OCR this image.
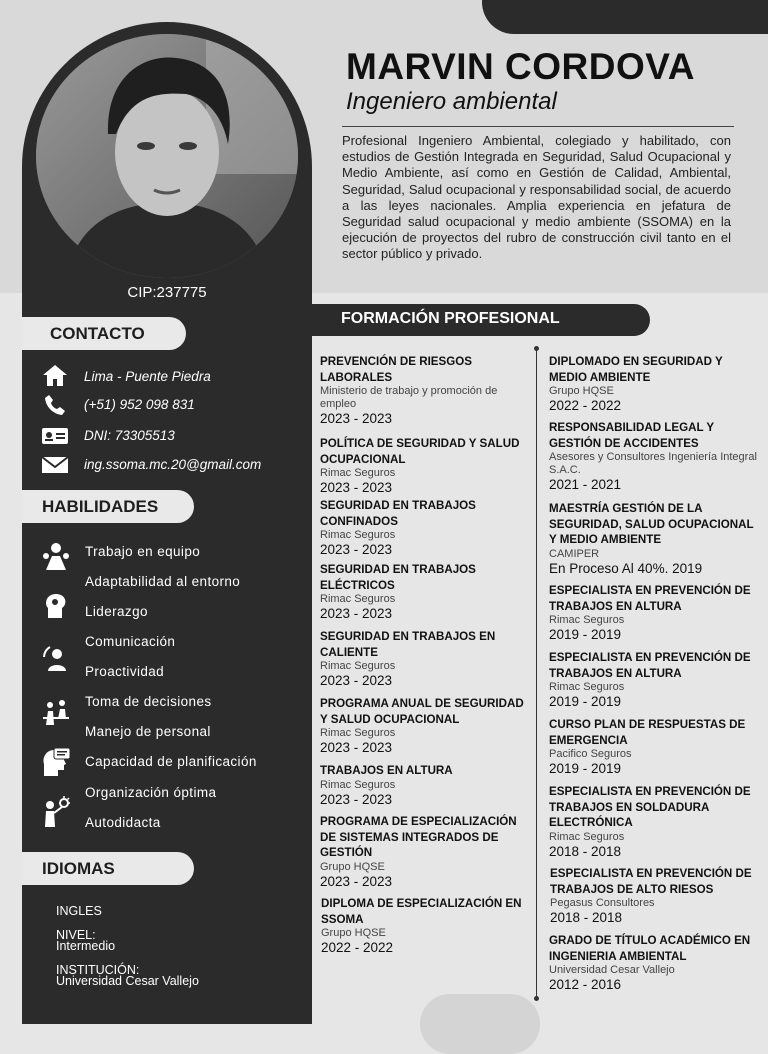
CIP:237775
MARVIN CORDOVA
Ingeniero ambiental
Profesional Ingeniero Ambiental, colegiado y habilitado, con estudios de Gestión Integrada en Seguridad, Salud Ocupacional y Medio Ambiente, así como en Gestión de Calidad, Ambiental, Seguridad, Salud ocupacional y responsabilidad social, de acuerdo a las leyes nacionales. Amplia experiencia en jefatura de Seguridad salud ocupacional y medio ambiente (SSOMA) en la ejecución de proyectos del rubro de construcción civil tanto en el sector público y privado.
CONTACTO
Lima - Puente Piedra
(+51) 952 098 831
DNI: 73305513
ing.ssoma.mc.20@gmail.com
HABILIDADES
Trabajo en equipo
Adaptabilidad al entorno
Liderazgo
Comunicación
Proactividad
Toma de decisiones
Manejo de personal
Capacidad de planificación
Organización óptima
Autodidacta
IDIOMAS
INGLES
NIVEL:
Intermedio
INSTITUCIÓN:
Universidad Cesar Vallejo
FORMACIÓN PROFESIONAL
PREVENCIÓN DE RIESGOS LABORALES
Ministerio de trabajo y promoción de empleo
2023 - 2023
POLÍTICA DE SEGURIDAD Y SALUD OCUPACIONAL
Rimac Seguros
2023 - 2023
SEGURIDAD EN TRABAJOS CONFINADOS
Rimac Seguros
2023 - 2023
SEGURIDAD EN TRABAJOS ELÉCTRICOS
Rimac Seguros
2023 - 2023
SEGURIDAD EN TRABAJOS EN CALIENTE
Rimac Seguros
2023 - 2023
PROGRAMA ANUAL DE SEGURIDAD Y SALUD OCUPACIONAL
Rimac Seguros
2023 - 2023
TRABAJOS EN ALTURA
Rimac Seguros
2023 - 2023
PROGRAMA DE ESPECIALIZACIÓN DE SISTEMAS INTEGRADOS DE GESTIÓN
Grupo HQSE
2023 - 2023
DIPLOMA DE ESPECIALIZACIÓN EN SSOMA
Grupo HQSE
2022 - 2022
DIPLOMADO EN SEGURIDAD Y MEDIO AMBIENTE
Grupo HQSE
2022 - 2022
RESPONSABILIDAD LEGAL Y GESTIÓN DE ACCIDENTES
Asesores y Consultores Ingeniería Integral S.A.C.
2021 - 2021
MAESTRÍA GESTIÓN DE LA SEGURIDAD, SALUD OCUPACIONAL Y MEDIO AMBIENTE
CAMIPER
En Proceso Al 40%. 2019
ESPECIALISTA EN PREVENCIÓN DE TRABAJOS EN ALTURA
Rimac Seguros
2019 - 2019
ESPECIALISTA EN PREVENCIÓN DE TRABAJOS EN ALTURA
Rimac Seguros
2019 - 2019
CURSO PLAN DE RESPUESTAS DE EMERGENCIA
Pacifico Seguros
2019 - 2019
ESPECIALISTA EN PREVENCIÓN DE TRABAJOS EN SOLDADURA ELECTRÓNICA
Rimac Seguros
2018 - 2018
ESPECIALISTA EN PREVENCIÓN DE TRABAJOS DE ALTO RIESOS
Pegasus Consultores
2018 - 2018
GRADO DE TÍTULO ACADÉMICO EN INGENIERIA AMBIENTAL
Universidad Cesar Vallejo
2012 - 2016
